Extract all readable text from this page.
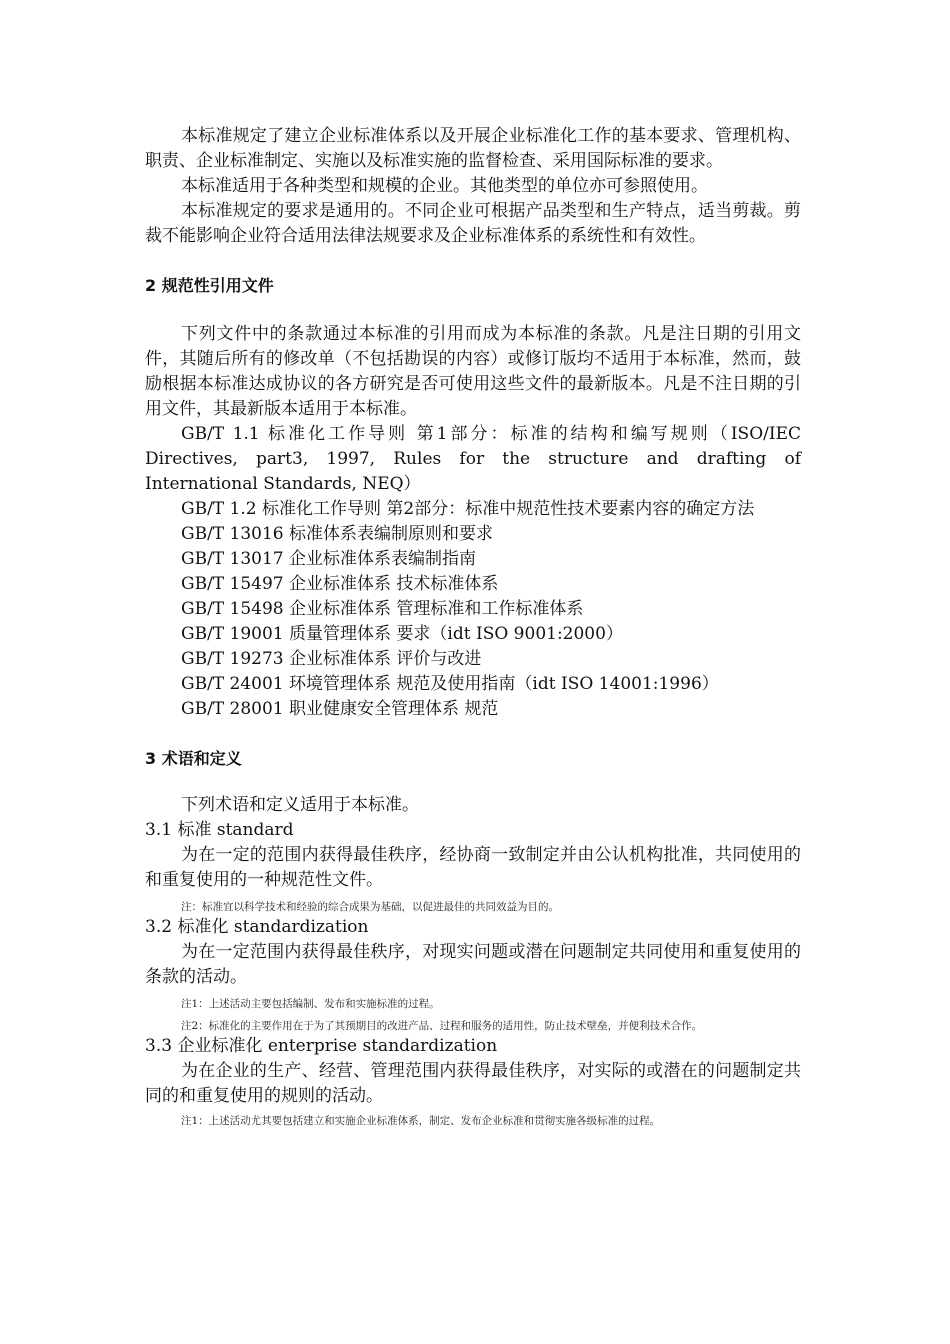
本标准规定了建立企业标准体系以及开展企业标准化工作的基本要求、管理机构、职责、企业标准制定、实施以及标准实施的监督检查、采用国际标准的要求。

本标准适用于各种类型和规模的企业。其他类型的单位亦可参照使用。

本标准规定的要求是通用的。不同企业可根据产品类型和生产特点，适当剪裁。剪裁不能影响企业符合适用法律法规要求及企业标准体系的系统性和有效性。

2 规范性引用文件

下列文件中的条款通过本标准的引用而成为本标准的条款。凡是注日期的引用文件，其随后所有的修改单（不包括勘误的内容）或修订版均不适用于本标准，然而，鼓励根据本标准达成协议的各方研究是否可使用这些文件的最新版本。凡是不注日期的引用文件，其最新版本适用于本标准。

GB/T 1.1 标准化工作导则 第1部分：标准的结构和编写规则（ISO/IEC Directives, part3, 1997, Rules for the structure and drafting of International Standards, NEQ）

GB/T 1.2 标准化工作导则 第2部分：标准中规范性技术要素内容的确定方法

GB/T 13016 标准体系表编制原则和要求

GB/T 13017 企业标准体系表编制指南

GB/T 15497 企业标准体系 技术标准体系

GB/T 15498 企业标准体系 管理标准和工作标准体系

GB/T 19001 质量管理体系 要求（idt ISO 9001:2000）

GB/T 19273 企业标准体系 评价与改进

GB/T 24001 环境管理体系 规范及使用指南（idt ISO 14001:1996）

GB/T 28001 职业健康安全管理体系 规范

3 术语和定义

下列术语和定义适用于本标准。

3.1 标准 standard

为在一定的范围内获得最佳秩序，经协商一致制定并由公认机构批准，共同使用的和重复使用的一种规范性文件。

注：标准宜以科学技术和经验的综合成果为基础，以促进最佳的共同效益为目的。

3.2 标准化 standardization

为在一定范围内获得最佳秩序，对现实问题或潜在问题制定共同使用和重复使用的条款的活动。

注1：上述活动主要包括编制、发布和实施标准的过程。

注2：标准化的主要作用在于为了其预期目的改进产品、过程和服务的适用性，防止技术壁垒，并便利技术合作。

3.3 企业标准化 enterprise standardization

为在企业的生产、经营、管理范围内获得最佳秩序，对实际的或潜在的问题制定共同的和重复使用的规则的活动。

注1：上述活动尤其要包括建立和实施企业标准体系，制定、发布企业标准和贯彻实施各级标准的过程。
